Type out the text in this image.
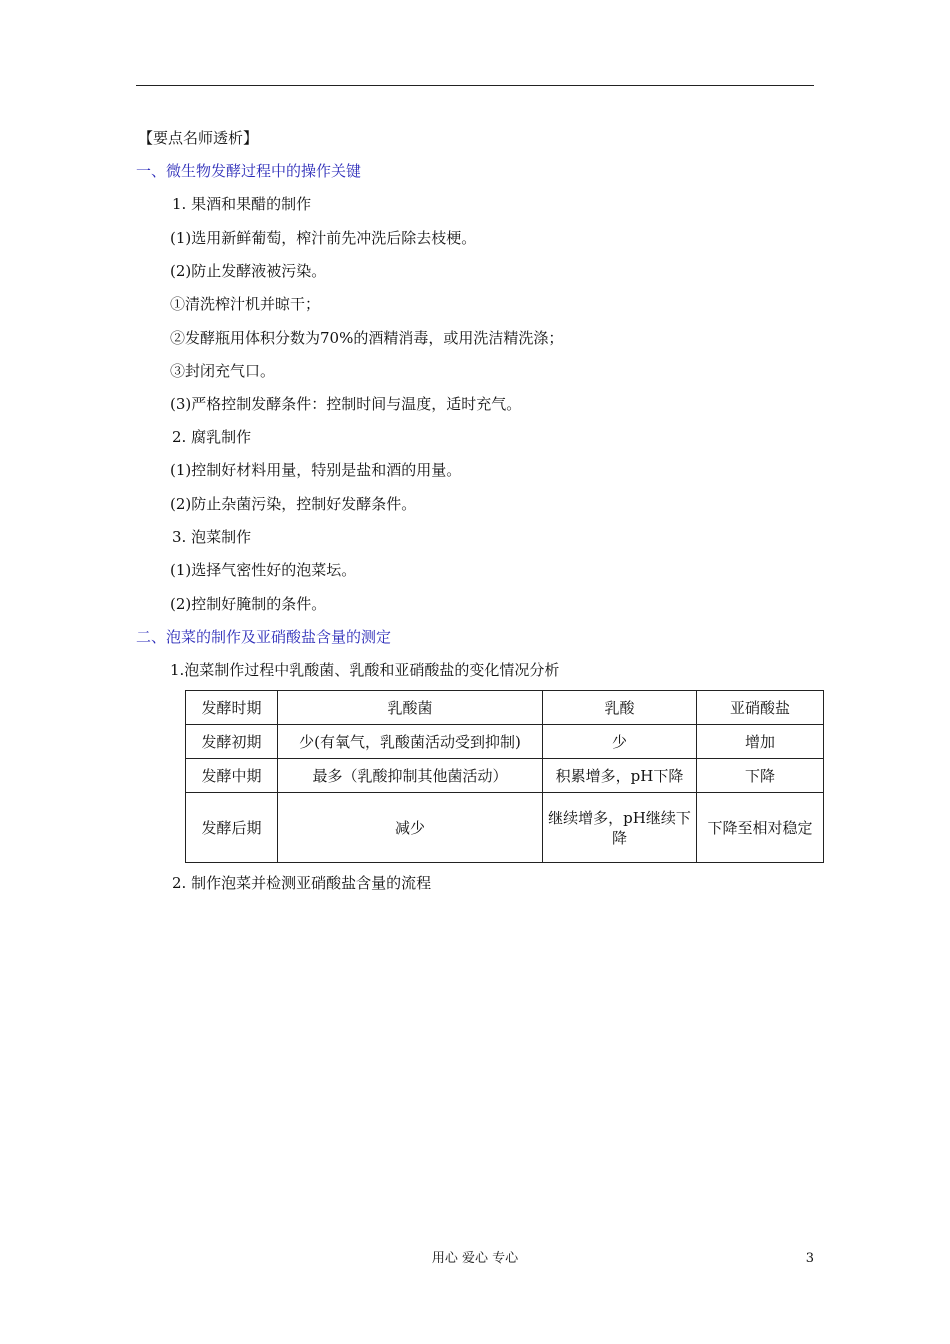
【要点名师透析】
一、微生物发酵过程中的操作关键
1. 果酒和果醋的制作
(1)选用新鲜葡萄，榨汁前先冲洗后除去枝梗。
(2)防止发酵液被污染。
①清洗榨汁机并晾干；
②发酵瓶用体积分数为70%的酒精消毒，或用洗洁精洗涤；
③封闭充气口。
(3)严格控制发酵条件：控制时间与温度，适时充气。
2. 腐乳制作
(1)控制好材料用量，特别是盐和酒的用量。
(2)防止杂菌污染，控制好发酵条件。
3. 泡菜制作
(1)选择气密性好的泡菜坛。
(2)控制好腌制的条件。
二、泡菜的制作及亚硝酸盐含量的测定
1.泡菜制作过程中乳酸菌、乳酸和亚硝酸盐的变化情况分析
发酵时期	乳酸菌	乳酸	亚硝酸盐
发酵初期	少(有氧气，乳酸菌活动受到抑制)	少	增加
发酵中期	最多（乳酸抑制其他菌活动）	积累增多，pH下降	下降
发酵后期	减少	继续增多，pH继续下降	下降至相对稳定
2. 制作泡菜并检测亚硝酸盐含量的流程
用心 爱心 专心	3
